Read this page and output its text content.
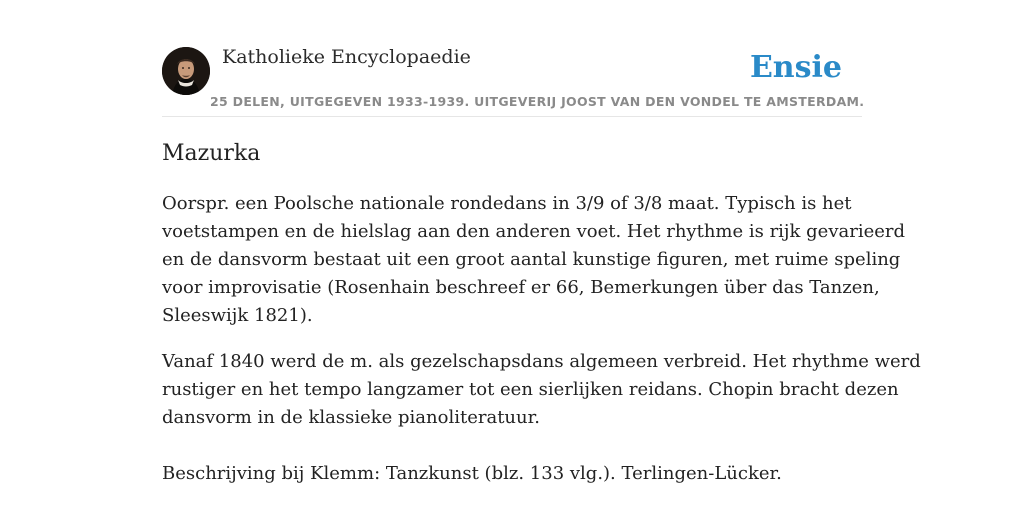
Katholieke Encyclopaedie
25 DELEN, UITGEGEVEN 1933-1939. UITGEVERIJ JOOST VAN DEN VONDEL TE AMSTERDAM.
Ensie
Mazurka

Oorspr. een Poolsche nationale rondedans in 3/9 of 3/8 maat. Typisch is het
voetstampen en de hielslag aan den anderen voet. Het rhythme is rijk gevarieerd
en de dansvorm bestaat uit een groot aantal kunstige figuren, met ruime speling
voor improvisatie (Rosenhain beschreef er 66, Bemerkungen über das Tanzen,
Sleeswijk 1821).

Vanaf 1840 werd de m. als gezelschapsdans algemeen verbreid. Het rhythme werd
rustiger en het tempo langzamer tot een sierlijken reidans. Chopin bracht dezen
dansvorm in de klassieke pianoliteratuur.

Beschrijving bij Klemm: Tanzkunst (blz. 133 vlg.). Terlingen-Lücker.
